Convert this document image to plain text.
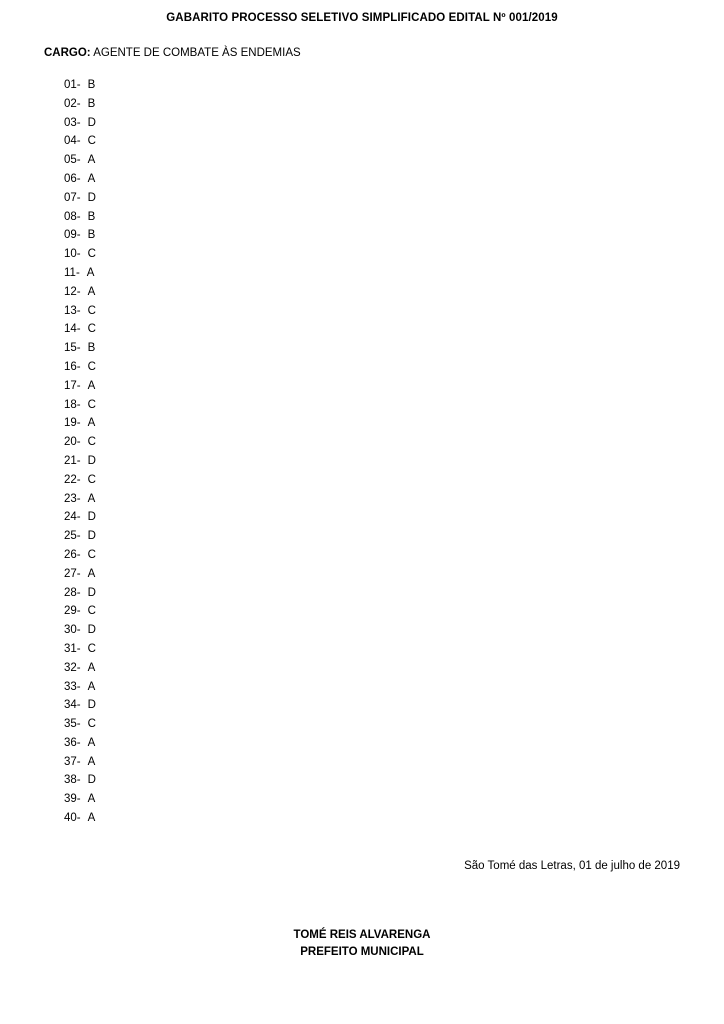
GABARITO PROCESSO SELETIVO SIMPLIFICADO EDITAL Nº 001/2019
CARGO: AGENTE DE COMBATE ÀS ENDEMIAS
01- B
02- B
03- D
04- C
05- A
06- A
07- D
08- B
09- B
10- C
11- A
12- A
13- C
14- C
15- B
16- C
17- A
18- C
19- A
20- C
21- D
22- C
23- A
24- D
25- D
26- C
27- A
28- D
29- C
30- D
31- C
32- A
33- A
34- D
35- C
36- A
37- A
38- D
39- A
40- A
São Tomé das Letras, 01 de julho de 2019
TOMÉ REIS ALVARENGA
PREFEITO MUNICIPAL
